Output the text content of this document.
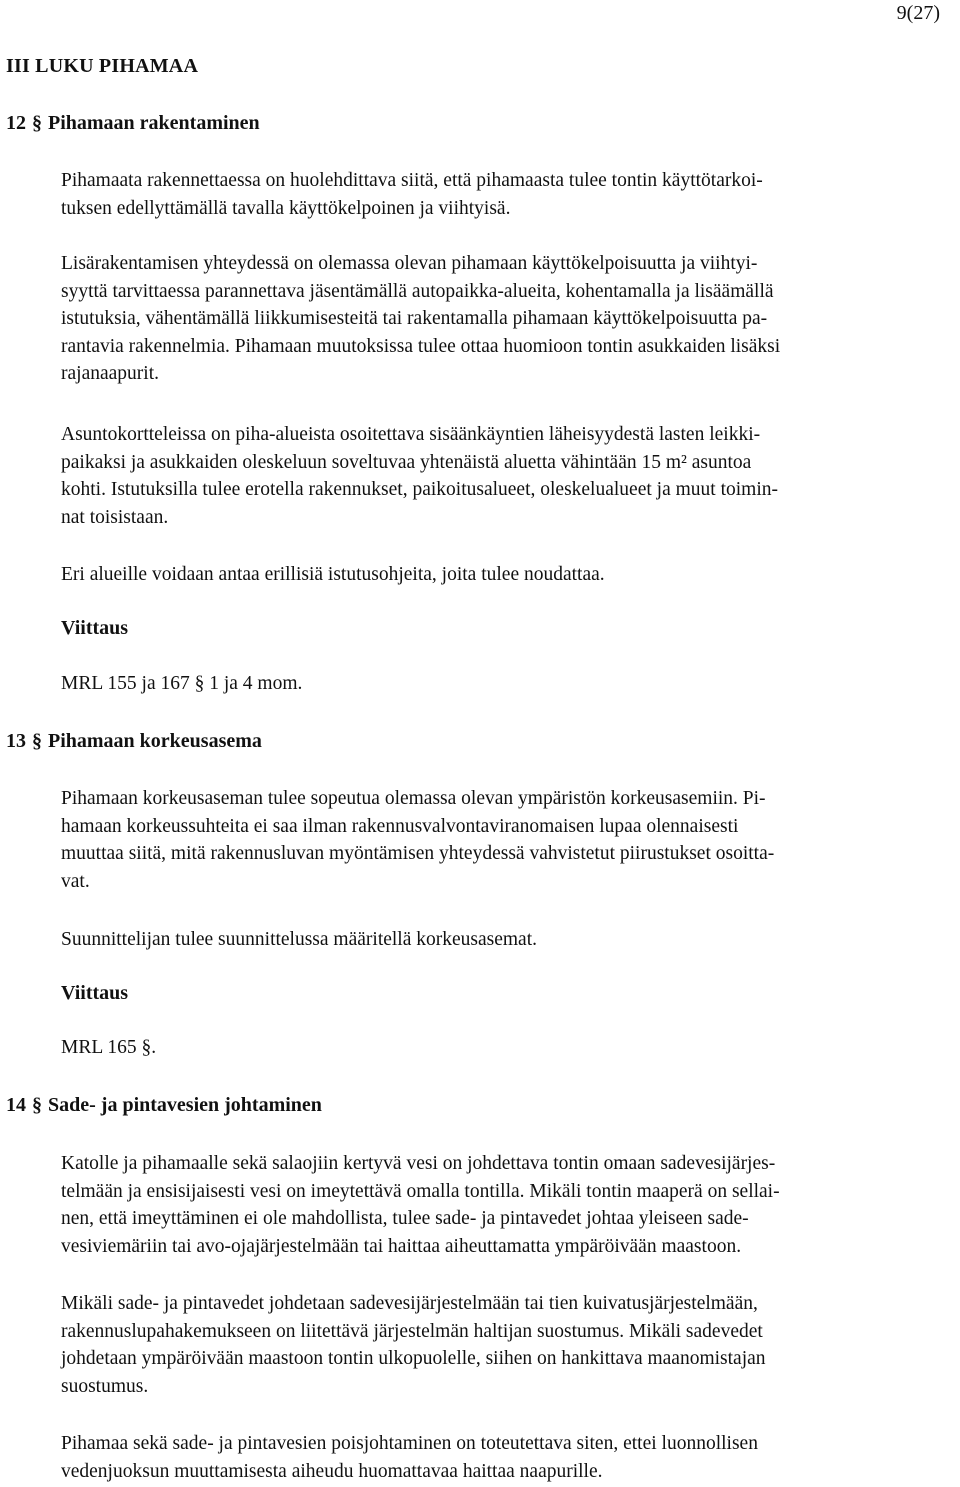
9(27)
III LUKU PIHAMAA
12 § Pihamaan rakentaminen
Pihamaata rakennettaessa on huolehdittava siitä, että pihamaasta tulee tontin käyttötarkoi-
tuksen edellyttämällä tavalla käyttökelpoinen ja viihtyisä.
Lisärakentamisen yhteydessä on olemassa olevan pihamaan käyttökelpoisuutta ja viihtyi-
syyttä tarvittaessa parannettava jäsentämällä autopaikka-alueita, kohentamalla ja lisäämällä
istutuksia, vähentämällä liikkumisesteitä tai rakentamalla pihamaan käyttökelpoisuutta pa-
rantavia rakennelmia. Pihamaan muutoksissa tulee ottaa huomioon tontin asukkaiden lisäksi
rajanaapurit.
Asuntokortteleissa on piha-alueista osoitettava sisäänkäyntien läheisyydestä lasten leikki-
paikaksi ja asukkaiden oleskeluun soveltuvaa yhtenäistä aluetta vähintään 15 m² asuntoa
kohti. Istutuksilla tulee erotella rakennukset, paikoitusalueet, oleskelualueet ja muut toimin-
nat toisistaan.
Eri alueille voidaan antaa erillisiä istutusohjeita, joita tulee noudattaa.
Viittaus
MRL 155 ja 167 § 1 ja 4 mom.
13 § Pihamaan korkeusasema
Pihamaan korkeusaseman tulee sopeutua olemassa olevan ympäristön korkeusasemiin. Pi-
hamaan korkeussuhteita ei saa ilman rakennusvalvontaviranomaisen lupaa olennaisesti
muuttaa siitä, mitä rakennusluvan myöntämisen yhteydessä vahvistetut piirustukset osoitta-
vat.
Suunnittelijan tulee suunnittelussa määritellä korkeusasemat.
Viittaus
MRL 165 §.
14 § Sade- ja pintavesien johtaminen
Katolle ja pihamaalle sekä salaojiin kertyvä vesi on johdettava tontin omaan sadevesijärjes-
telmään ja ensisijaisesti vesi on imeytettävä omalla tontilla. Mikäli tontin maaperä on sellai-
nen, että imeyttäminen ei ole mahdollista, tulee sade- ja pintavedet johtaa yleiseen sade-
vesiviemäriin tai avo-ojajärjestelmään tai haittaa aiheuttamatta ympäröivään maastoon.
Mikäli sade- ja pintavedet johdetaan sadevesijärjestelmään tai tien kuivatusjärjestelmään,
rakennuslupahakemukseen on liitettävä järjestelmän haltijan suostumus. Mikäli sadevedet
johdetaan ympäröivään maastoon tontin ulkopuolelle, siihen on hankittava maanomistajan
suostumus.
Pihamaa sekä sade- ja pintavesien poisjohtaminen on toteutettava siten, ettei luonnollisen
vedenjuoksun muuttamisesta aiheudu huomattavaa haittaa naapurille.
